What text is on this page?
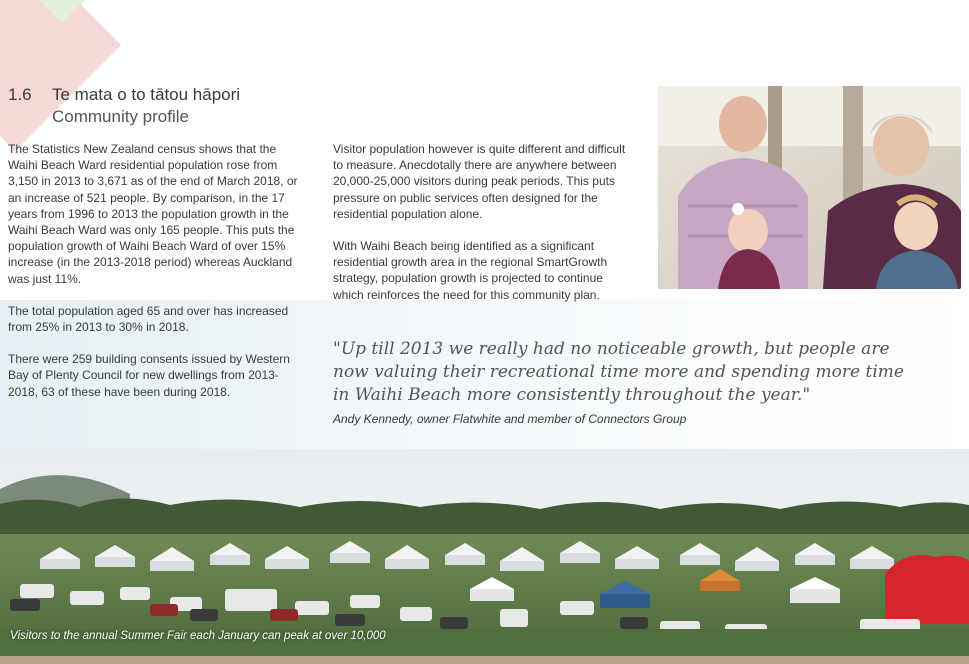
1.6	Te mata o to tātou hāpori
Community profile

The Statistics New Zealand census shows that the Waihi Beach Ward residential population rose from 3,150 in 2013 to 3,671 as of the end of March 2018, or an increase of 521 people. By comparison, in the 17 years from 1996 to 2013 the population growth in the Waihi Beach Ward was only 165 people. This puts the population growth of Waihi Beach Ward of over 15% increase (in the 2013-2018 period) whereas Auckland was just 11%.

The total population aged 65 and over has increased from 25% in 2013 to 30% in 2018.

There were 259 building consents issued by Western Bay of Plenty Council for new dwellings from 2013-2018, 63 of these have been during 2018.

Visitor population however is quite different and difficult to measure. Anecdotally there are anywhere between 20,000-25,000 visitors during peak periods. This puts pressure on public services often designed for the residential population alone.

With Waihi Beach being identified as a significant residential growth area in the regional SmartGrowth strategy, population growth is projected to continue which reinforces the need for this community plan.

"Up till 2013 we really had no noticeable growth, but people are now valuing their recreational time more and spending more time in Waihi Beach more consistently throughout the year."
Andy Kennedy, owner Flatwhite and member of Connectors Group
Visitors to the annual Summer Fair each January can peak at over 10,000
